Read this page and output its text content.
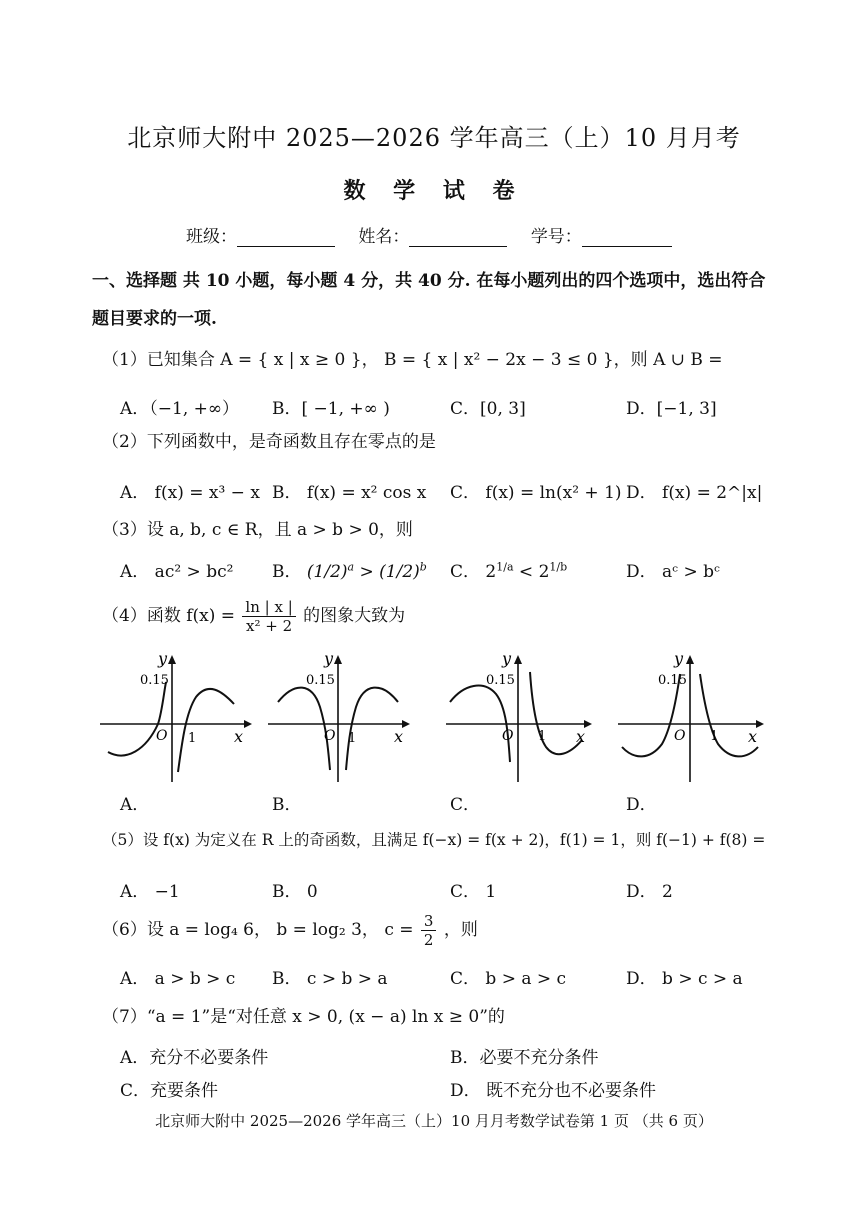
北京师大附中 2025—2026 学年高三（上）10 月月考
数 学 试 卷
班级：	姓名：	学号：
一、选择题 共 10 小题，每小题 4 分，共 40 分. 在每小题列出的四个选项中，选出符合题目要求的一项.
（1）已知集合 A = { x | x ≥ 0 }， B = { x | x² − 2x − 3 ≤ 0 }，则 A ∪ B =
A．（−1, +∞） B．[ −1, +∞ )	C．[0, 3]	D．[−1, 3]
（2）下列函数中，是奇函数且存在零点的是
A． f(x) = x³ − x B． f(x) = x² cos x C． f(x) = ln(x² + 1) D． f(x) = 2^|x|
（3）设 a, b, c ∈ R，且 a > b > 0，则
A． ac² > bc² B． $(1/2)^a > (1/2)^b$ C． $2^{1/a} < 2^{1/b}$	D． aᶜ > bᶜ
（4）函数 $f(x) = \frac{\ln | x |}{\text{x² + 2}}$ 的图象大致为
y
0.15
O 1 x
y
0.15
O 1 x
y
0.15
O 1 x
y
0.15
O 1 x
A．	B．	C．	D．
（5）设 f(x) 为定义在 R 上的奇函数，且满足 f(−x) = f(x + 2)，f(1) = 1，则 f(−1) + f(8) =
A． −1	B． 0	C． 1	D． 2
（6）设 a = log₄ 6， b = log₂ 3， $c = \frac{3}{2}$ ，则
A． a > b > c B． c > b > a	C． b > a > c	D． b > c > a
（7）“a = 1”是“对任意 x > 0, (x − a) ln x ≥ 0”的
A．充分不必要条件	B．必要不充分条件
C．充要条件	D． 既不充分也不必要条件
北京师大附中 2025—2026 学年高三（上）10 月月考数学试卷第 1 页 （共 6 页）
